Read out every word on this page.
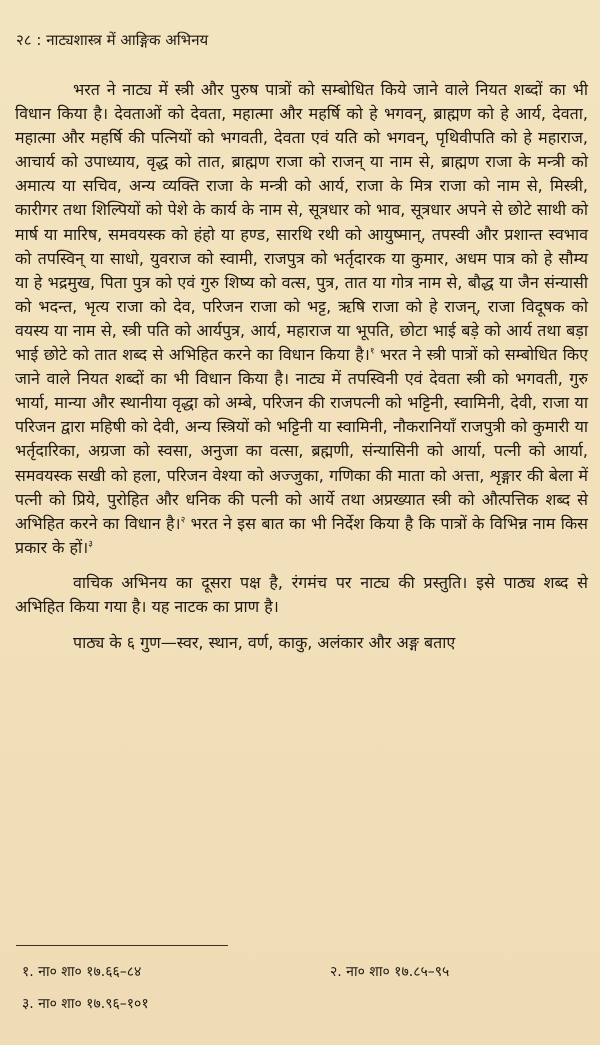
२८ : नाट्यशास्त्र में आङ्गिक अभिनय

भरत ने नाट्य में स्त्री और पुरुष पात्रों को सम्बोधित किये जाने वाले नियत शब्दों का भी विधान किया है। देवताओं को देवता, महात्मा और महर्षि को हे भगवन्, ब्राह्मण को हे आर्य, देवता, महात्मा और महर्षि की पत्नियों को भगवती, देवता एवं यति को भगवन्, पृथिवीपति को हे महाराज, आचार्य को उपाध्याय, वृद्ध को तात, ब्राह्मण राजा को राजन् या नाम से, ब्राह्मण राजा के मन्त्री को अमात्य या सचिव, अन्य व्यक्ति राजा के मन्त्री को आर्य, राजा के मित्र राजा को नाम से, मिस्त्री, कारीगर तथा शिल्पियों को पेशे के कार्य के नाम से, सूत्रधार को भाव, सूत्रधार अपने से छोटे साथी को मार्ष या मारिष, समवयस्क को हंहो या हण्ड, सारथि रथी को आयुष्मान्, तपस्वी और प्रशान्त स्वभाव को तपस्विन् या साधो, युवराज को स्वामी, राजपुत्र को भर्तृदारक या कुमार, अधम पात्र को हे सौम्य या हे भद्रमुख, पिता पुत्र को एवं गुरु शिष्य को वत्स, पुत्र, तात या गोत्र नाम से, बौद्ध या जैन संन्यासी को भदन्त, भृत्य राजा को देव, परिजन राजा को भट्ट, ऋषि राजा को हे राजन्, राजा विदूषक को वयस्य या नाम से, स्त्री पति को आर्यपुत्र, आर्य, महाराज या भूपति, छोटा भाई बड़े को आर्य तथा बड़ा भाई छोटे को तात शब्द से अभिहित करने का विधान किया है।$^१$ भरत ने स्त्री पात्रों को सम्बोधित किए जाने वाले नियत शब्दों का भी विधान किया है। नाट्य में तपस्विनी एवं देवता स्त्री को भगवती, गुरु भार्या, मान्या और स्थानीया वृद्धा को अम्बे, परिजन की राजपत्नी को भट्टिनी, स्वामिनी, देवी, राजा या परिजन द्वारा महिषी को देवी, अन्य स्त्रियों को भट्टिनी या स्वामिनी, नौकरानियाँ राजपुत्री को कुमारी या भर्तृदारिका, अग्रजा को स्वसा, अनुजा का वत्सा, ब्रह्मणी, संन्यासिनी को आर्या, पत्नी को आर्या, समवयस्क सखी को हला, परिजन वेश्या को अज्जुका, गणिका की माता को अत्ता, शृङ्गार की बेला में पत्नी को प्रिये, पुरोहित और धनिक की पत्नी को आर्ये तथा अप्रख्यात स्त्री को औत्पत्तिक शब्द से अभिहित करने का विधान है।$^२$ भरत ने इस बात का भी निर्देश किया है कि पात्रों के विभिन्न नाम किस प्रकार के हों।$^३$

वाचिक अभिनय का दूसरा पक्ष है, रंगमंच पर नाट्य की प्रस्तुति। इसे पाठ्य शब्द से अभिहित किया गया है। यह नाटक का प्राण है।

पाठ्य के ६ गुण—स्वर, स्थान, वर्ण, काकु, अलंकार और अङ्ग बताए

१. ना० शा० १७.६६–८४	२. ना० शा० १७.८५–९५
३. ना० शा० १७.९६–१०१
